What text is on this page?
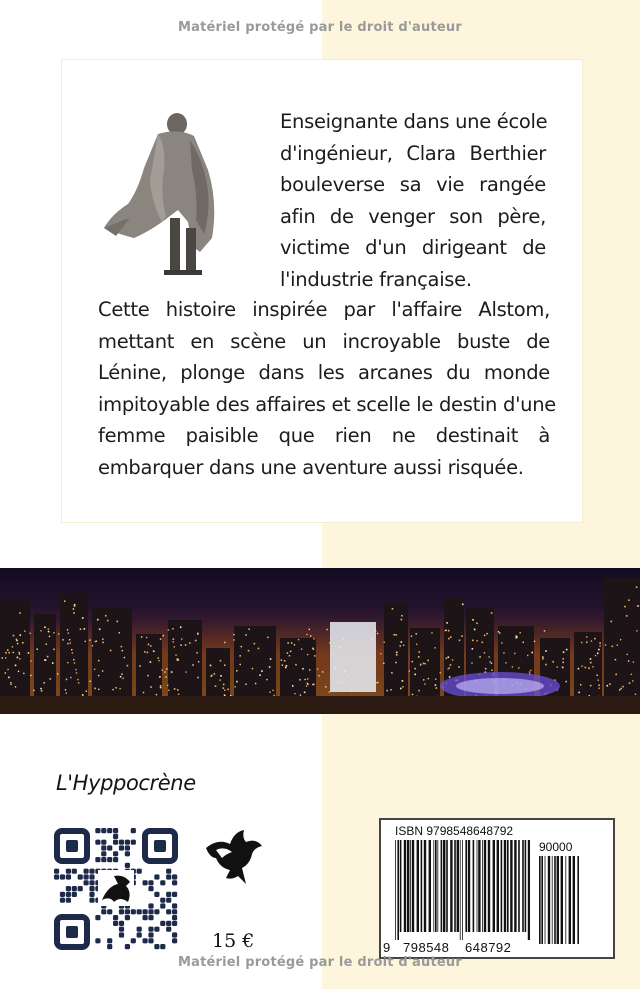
Matériel protégé par le droit d'auteur
Enseignante dans une école
d'ingénieur, Clara Berthier
bouleverse sa vie rangée
afin de venger son père,
victime d'un dirigeant de
l'industrie française.
Cette histoire inspirée par l'affaire Alstom,
mettant en scène un incroyable buste de
Lénine, plonge dans les arcanes du monde
impitoyable des affaires et scelle le destin d'une
femme paisible que rien ne destinait à
embarquer dans une aventure aussi risquée.
L'Hyppocrène
15 €
ISBN 9798548648792
90000
9 798548 648792
Matériel protégé par le droit d'auteur
